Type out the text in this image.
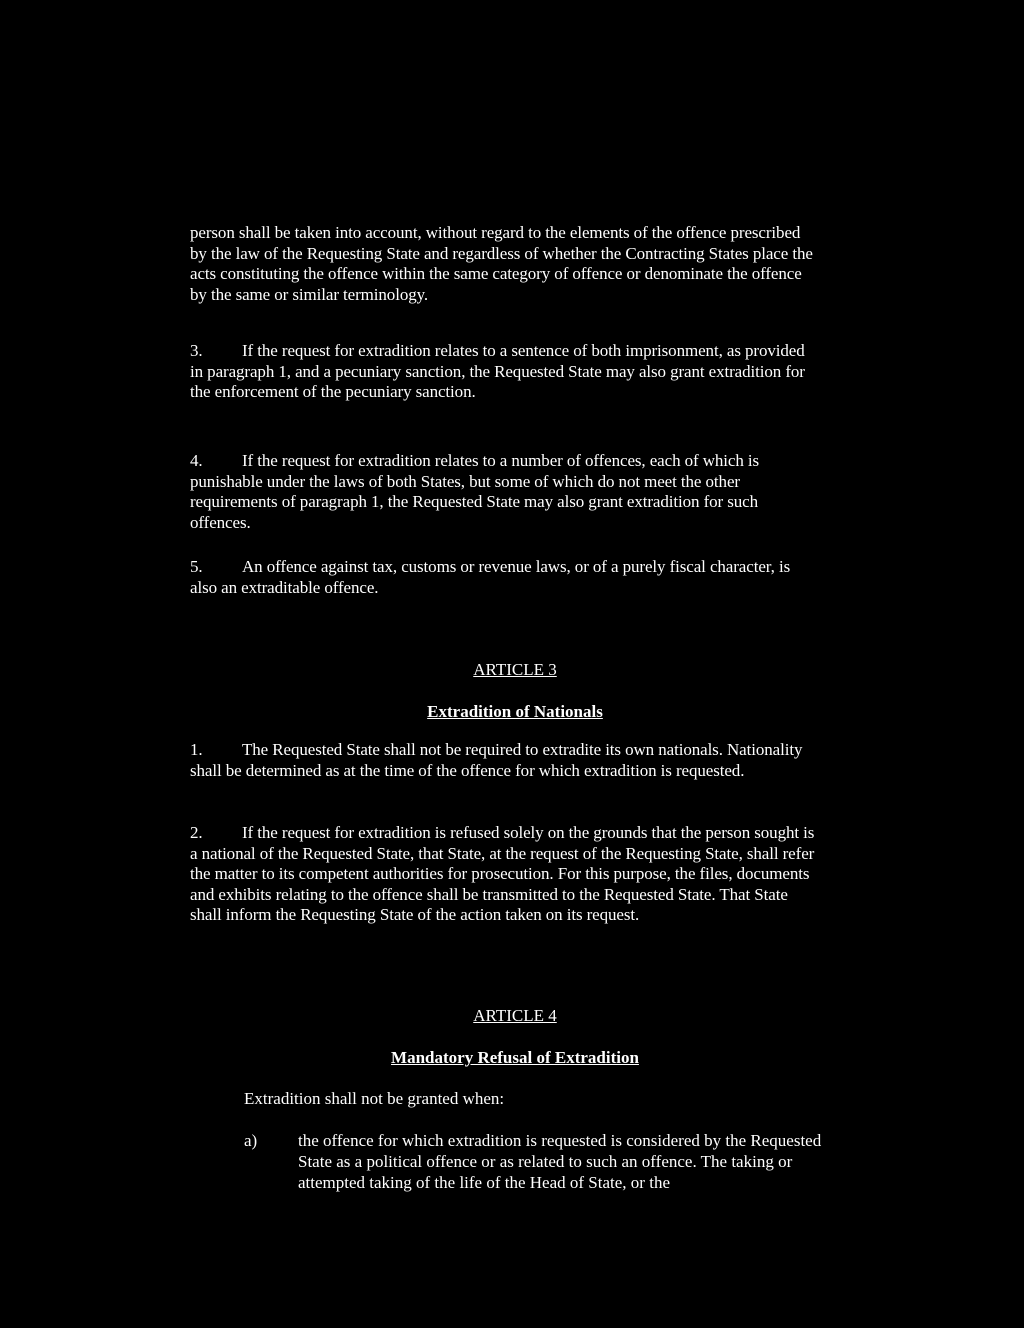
person shall be taken into account, without regard to the elements of the offence prescribed by the law of the Requesting State and regardless of whether the Contracting States place the acts constituting the offence within the same category of offence or denominate the offence by the same or similar terminology.
3. If the request for extradition relates to a sentence of both imprisonment, as provided in paragraph 1, and a pecuniary sanction, the Requested State may also grant extradition for the enforcement of the pecuniary sanction.
4. If the request for extradition relates to a number of offences, each of which is punishable under the laws of both States, but some of which do not meet the other requirements of paragraph 1, the Requested State may also grant extradition for such offences.
5. An offence against tax, customs or revenue laws, or of a purely fiscal character, is also an extraditable offence.
ARTICLE 3
Extradition of Nationals
1. The Requested State shall not be required to extradite its own nationals. Nationality shall be determined as at the time of the offence for which extradition is requested.
2. If the request for extradition is refused solely on the grounds that the person sought is a national of the Requested State, that State, at the request of the Requesting State, shall refer the matter to its competent authorities for prosecution. For this purpose, the files, documents and exhibits relating to the offence shall be transmitted to the Requested State. That State shall inform the Requesting State of the action taken on its request.
ARTICLE 4
Mandatory Refusal of Extradition
Extradition shall not be granted when:
a)	the offence for which extradition is requested is considered by the Requested State as a political offence or as related to such an offence. The taking or attempted taking of the life of the Head of State, or the
